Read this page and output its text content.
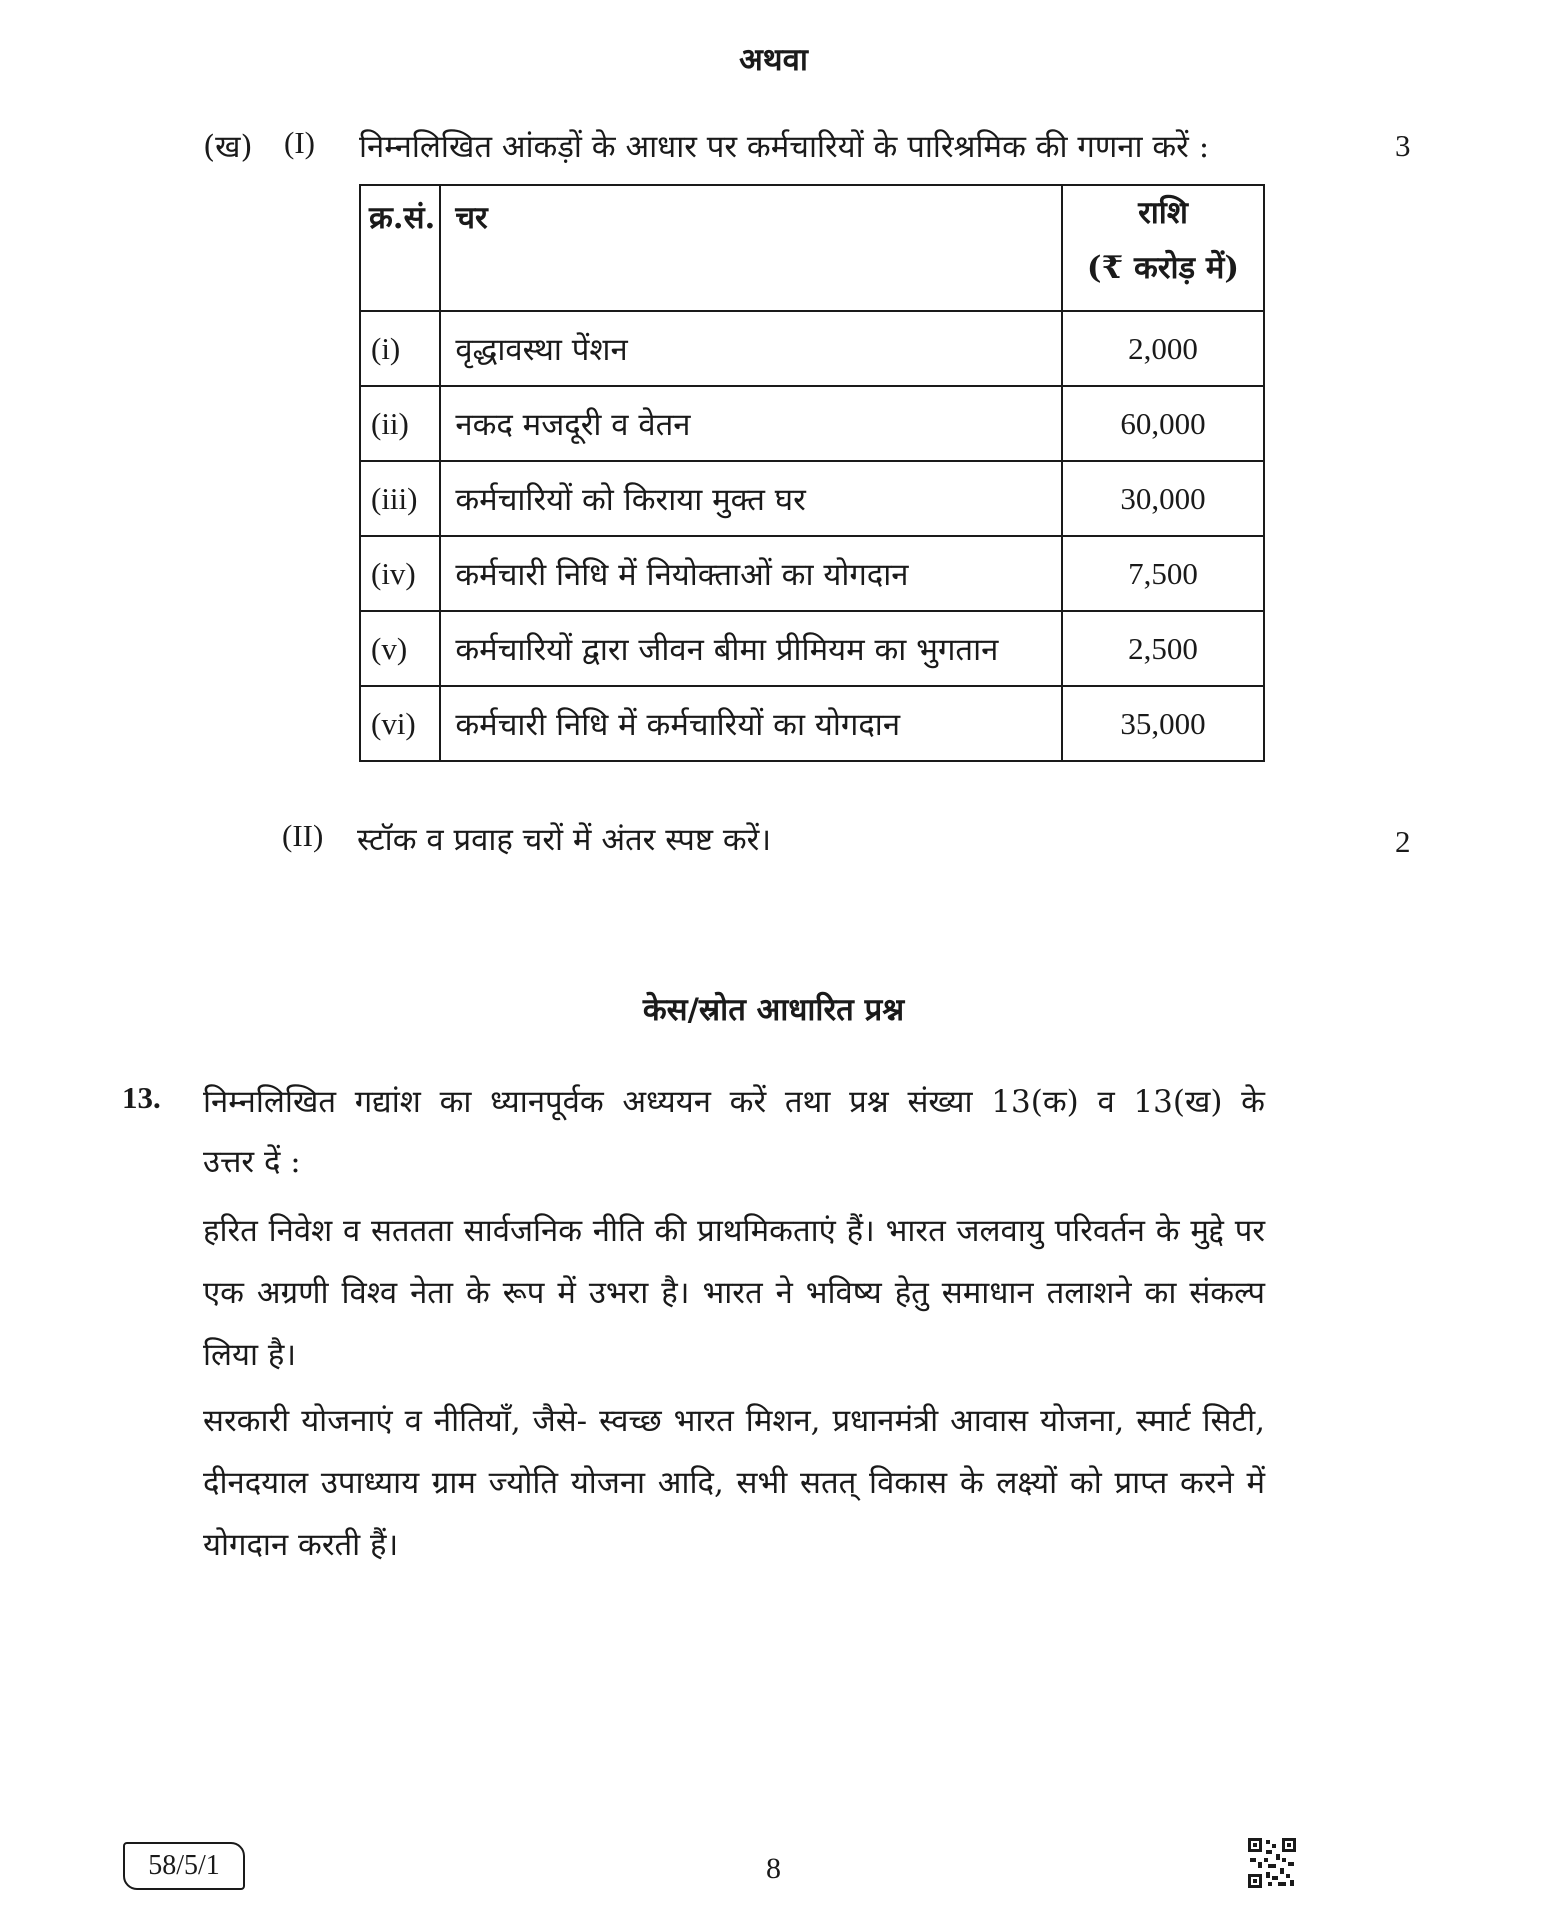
अथवा
(ख) (I) निम्नलिखित आंकड़ों के आधार पर कर्मचारियों के पारिश्रमिक की गणना करें :	3
क्र.सं.	चर	राशि
(₹ करोड़ में)

(i)	वृद्धावस्था पेंशन	2,000
(ii)	नकद मजदूरी व वेतन	60,000
(iii)	कर्मचारियों को किराया मुक्त घर	30,000
(iv)	कर्मचारी निधि में नियोक्ताओं का योगदान	7,500
(v)	कर्मचारियों द्वारा जीवन बीमा प्रीमियम का भुगतान	2,500
(vi)	कर्मचारी निधि में कर्मचारियों का योगदान	35,000
(II) स्टॉक व प्रवाह चरों में अंतर स्पष्ट करें।	2
केस/स्रोत आधारित प्रश्न
13. निम्नलिखित गद्यांश का ध्यानपूर्वक अध्ययन करें तथा प्रश्न संख्या 13(क) व 13(ख) के
उत्तर दें :
हरित निवेश व सततता सार्वजनिक नीति की प्राथमिकताएं हैं। भारत जलवायु परिवर्तन के मुद्दे पर एक अग्रणी विश्व नेता के रूप में उभरा है। भारत ने भविष्य हेतु समाधान तलाशने का संकल्प लिया है।
सरकारी योजनाएं व नीतियाँ, जैसे- स्वच्छ भारत मिशन, प्रधानमंत्री आवास योजना, स्मार्ट सिटी, दीनदयाल उपाध्याय ग्राम ज्योति योजना आदि, सभी सतत् विकास के लक्ष्यों को प्राप्त करने में योगदान करती हैं।
58/5/1	8
